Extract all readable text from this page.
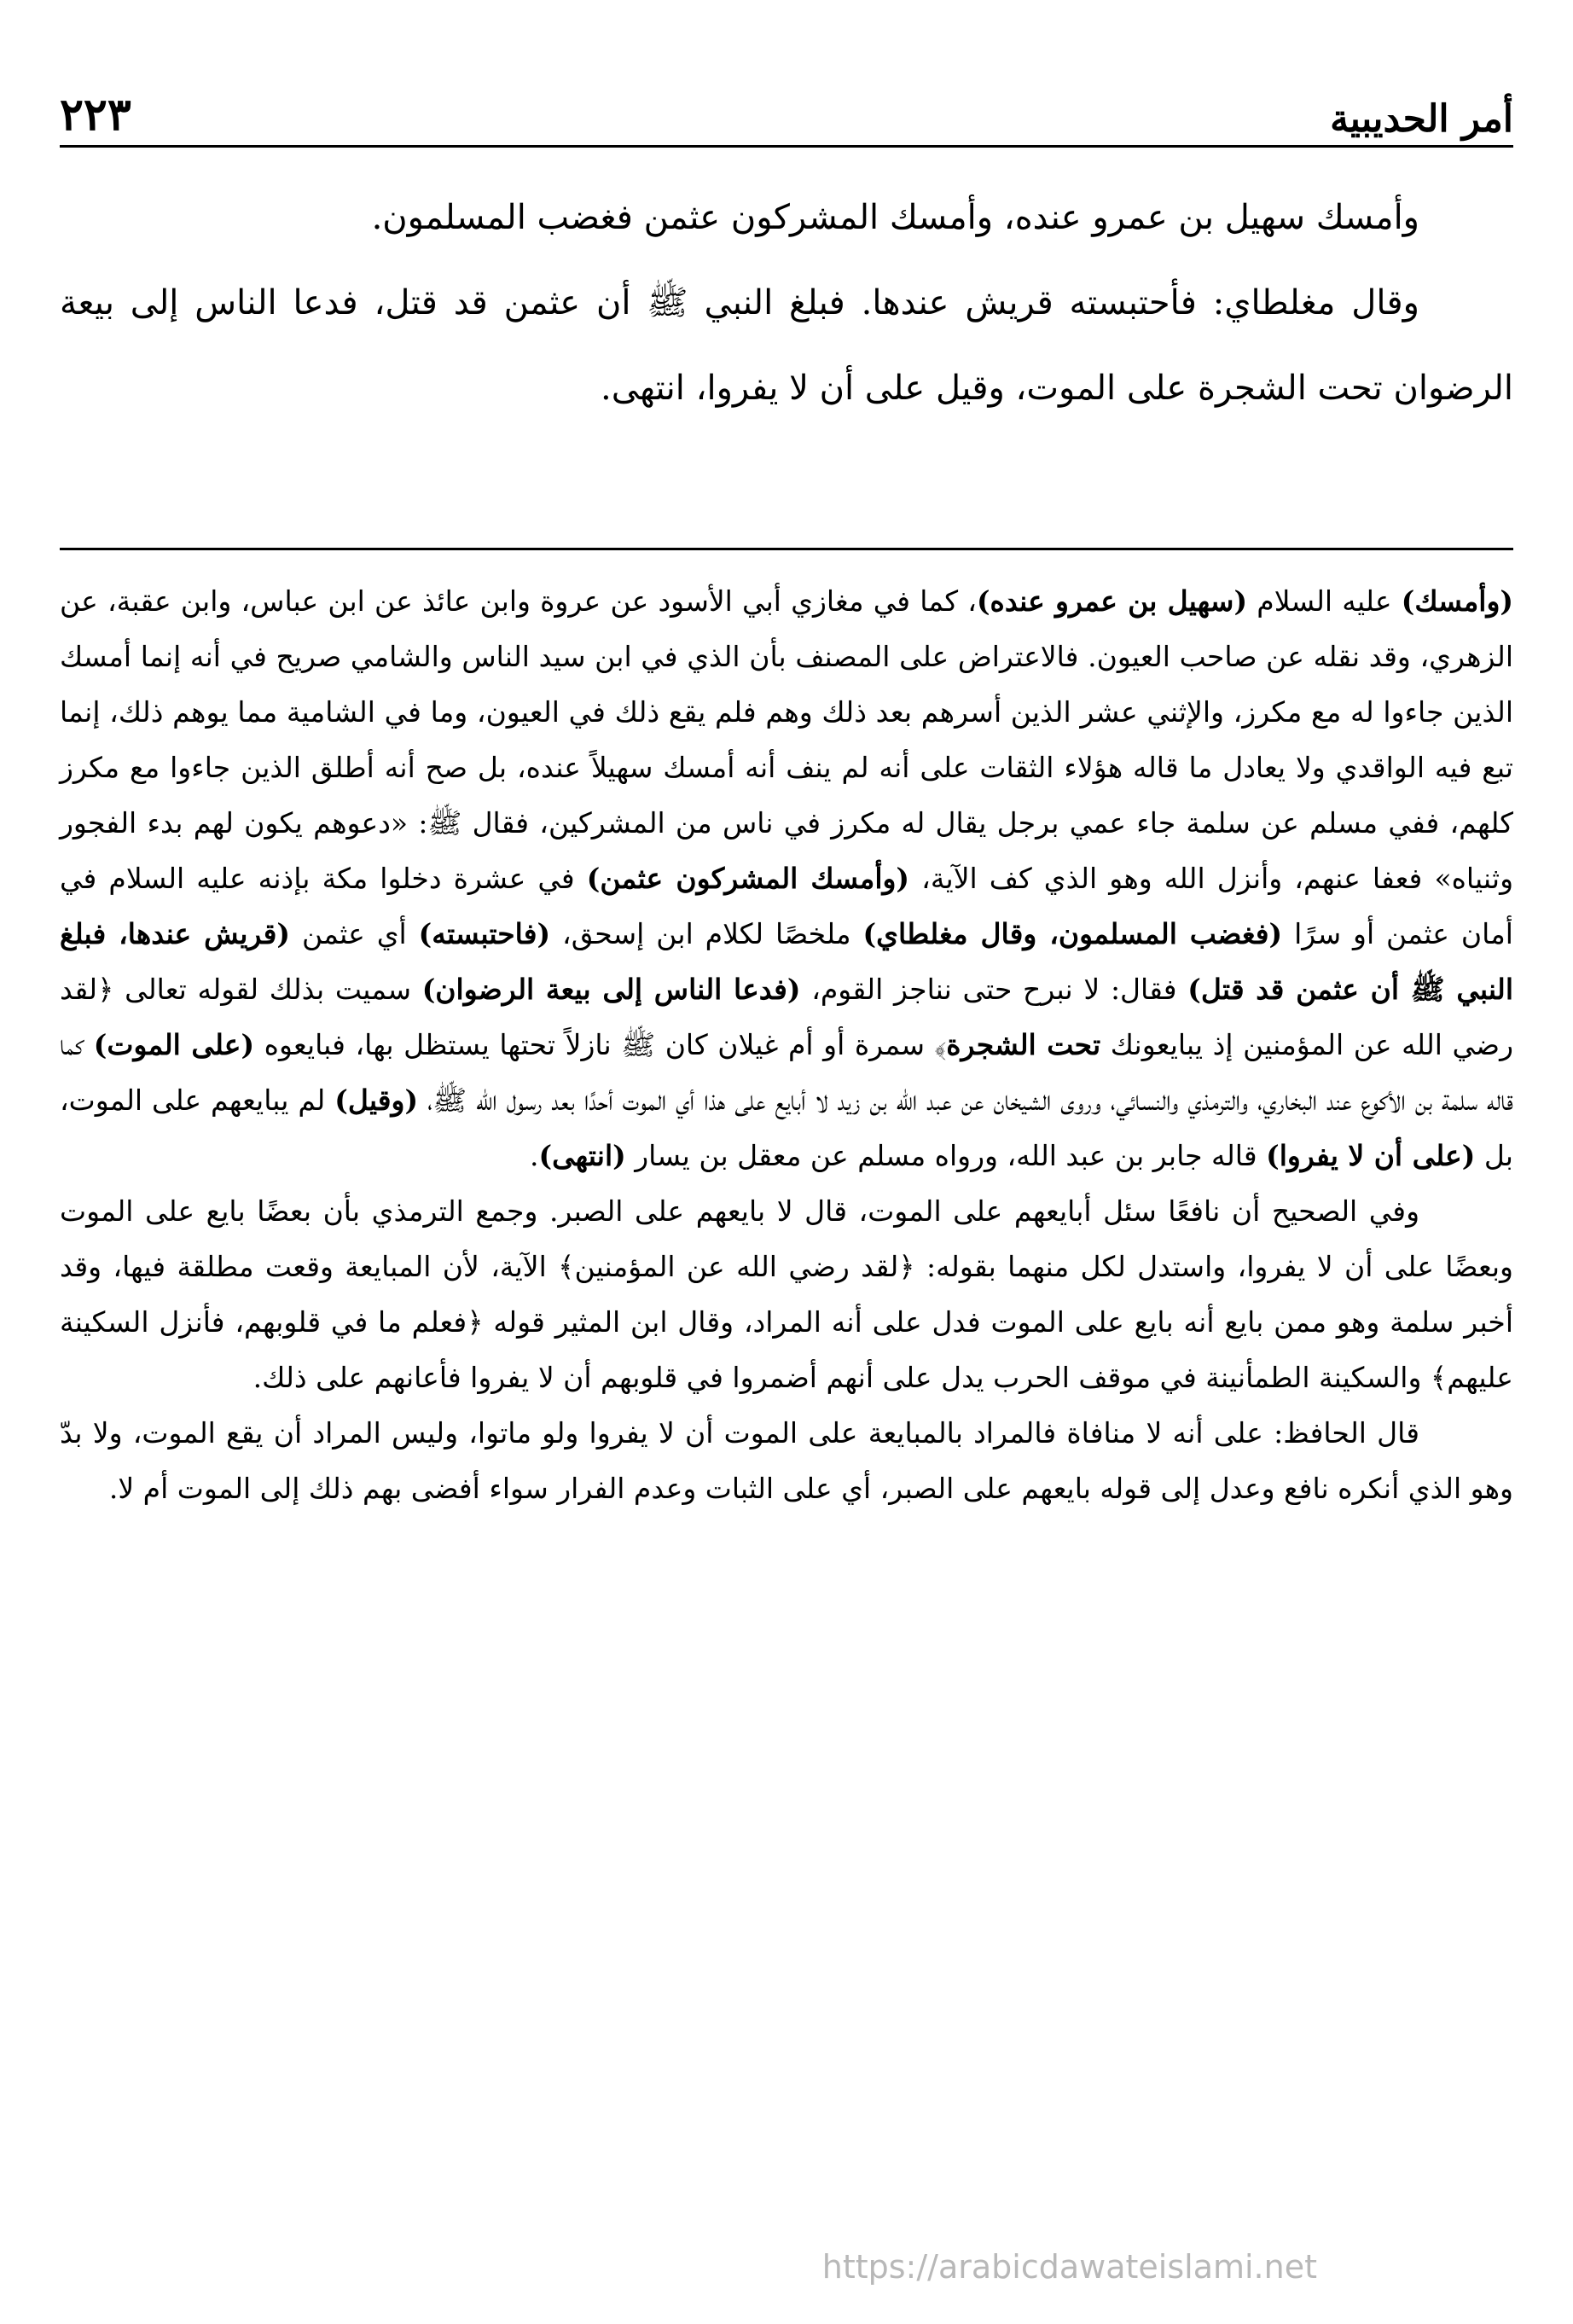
أمر الحديبية
٢٢٣

وأمسك سهيل بن عمرو عنده، وأمسك المشركون عثمن فغضب المسلمون.

وقال مغلطاي: فأحتبسته قريش عندها. فبلغ النبي ﷺ أن عثمن قد قتل، فدعا الناس إلى بيعة الرضوان تحت الشجرة على الموت، وقيل على أن لا يفروا، انتهى.

(وأمسك) عليه السلام (سهيل بن عمرو عنده)، كما في مغازي أبي الأسود عن عروة وابن عائذ عن ابن عباس، وابن عقبة، عن الزهري، وقد نقله عن صاحب العيون. فالاعتراض على المصنف بأن الذي في ابن سيد الناس والشامي صريح في أنه إنما أمسك الذين جاءوا له مع مكرز، والإثني عشر الذين أسرهم بعد ذلك وهم فلم يقع ذلك في العيون، وما في الشامية مما يوهم ذلك، إنما تبع فيه الواقدي ولا يعادل ما قاله هؤلاء الثقات على أنه لم ينف أنه أمسك سهيلاً عنده، بل صح أنه أطلق الذين جاءوا مع مكرز كلهم، ففي مسلم عن سلمة جاء عمي برجل يقال له مكرز في ناس من المشركين، فقال ﷺ: «دعوهم يكون لهم بدء الفجور وثنياه» فعفا عنهم، وأنزل الله وهو الذي كف الآية، (وأمسك المشركون عثمن) في عشرة دخلوا مكة بإذنه عليه السلام في أمان عثمن أو سرًا (فغضب المسلمون، وقال مغلطاي) ملخصًا لكلام ابن إسحق، (فاحتبسته) أي عثمن (قريش عندها، فبلغ النبي ﷺ أن عثمن قد قتل) فقال: لا نبرح حتى نناجز القوم، (فدعا الناس إلى بيعة الرضوان) سميت بذلك لقوله تعالى ﴿لقد رضي الله عن المؤمنين إذ يبايعونك تحت الشجرة﴾ سمرة أو أم غيلان كان ﷺ نازلاً تحتها يستظل بها، فبايعوه (على الموت) كما قاله سلمة بن الأكوع عند البخاري، والترمذي والنسائي، وروى الشيخان عن عبد الله بن زيد لا أبايع على هذا أي الموت أحدًا بعد رسول الله ﷺ، (وقيل) لم يبايعهم على الموت، بل (على أن لا يفروا) قاله جابر بن عبد الله، ورواه مسلم عن معقل بن يسار (انتهى).

وفي الصحيح أن نافعًا سئل أبايعهم على الموت، قال لا بايعهم على الصبر. وجمع الترمذي بأن بعضًا بايع على الموت وبعضًا على أن لا يفروا، واستدل لكل منهما بقوله: ﴿لقد رضي الله عن المؤمنين﴾ الآية، لأن المبايعة وقعت مطلقة فيها، وقد أخبر سلمة وهو ممن بايع أنه بايع على الموت فدل على أنه المراد، وقال ابن المثير قوله ﴿فعلم ما في قلوبهم، فأنزل السكينة عليهم﴾ والسكينة الطمأنينة في موقف الحرب يدل على أنهم أضمروا في قلوبهم أن لا يفروا فأعانهم على ذلك.

قال الحافظ: على أنه لا منافاة فالمراد بالمبايعة على الموت أن لا يفروا ولو ماتوا، وليس المراد أن يقع الموت، ولا بدّ وهو الذي أنكره نافع وعدل إلى قوله بايعهم على الصبر، أي على الثبات وعدم الفرار سواء أفضى بهم ذلك إلى الموت أم لا.

https://arabicdawateislami.net
